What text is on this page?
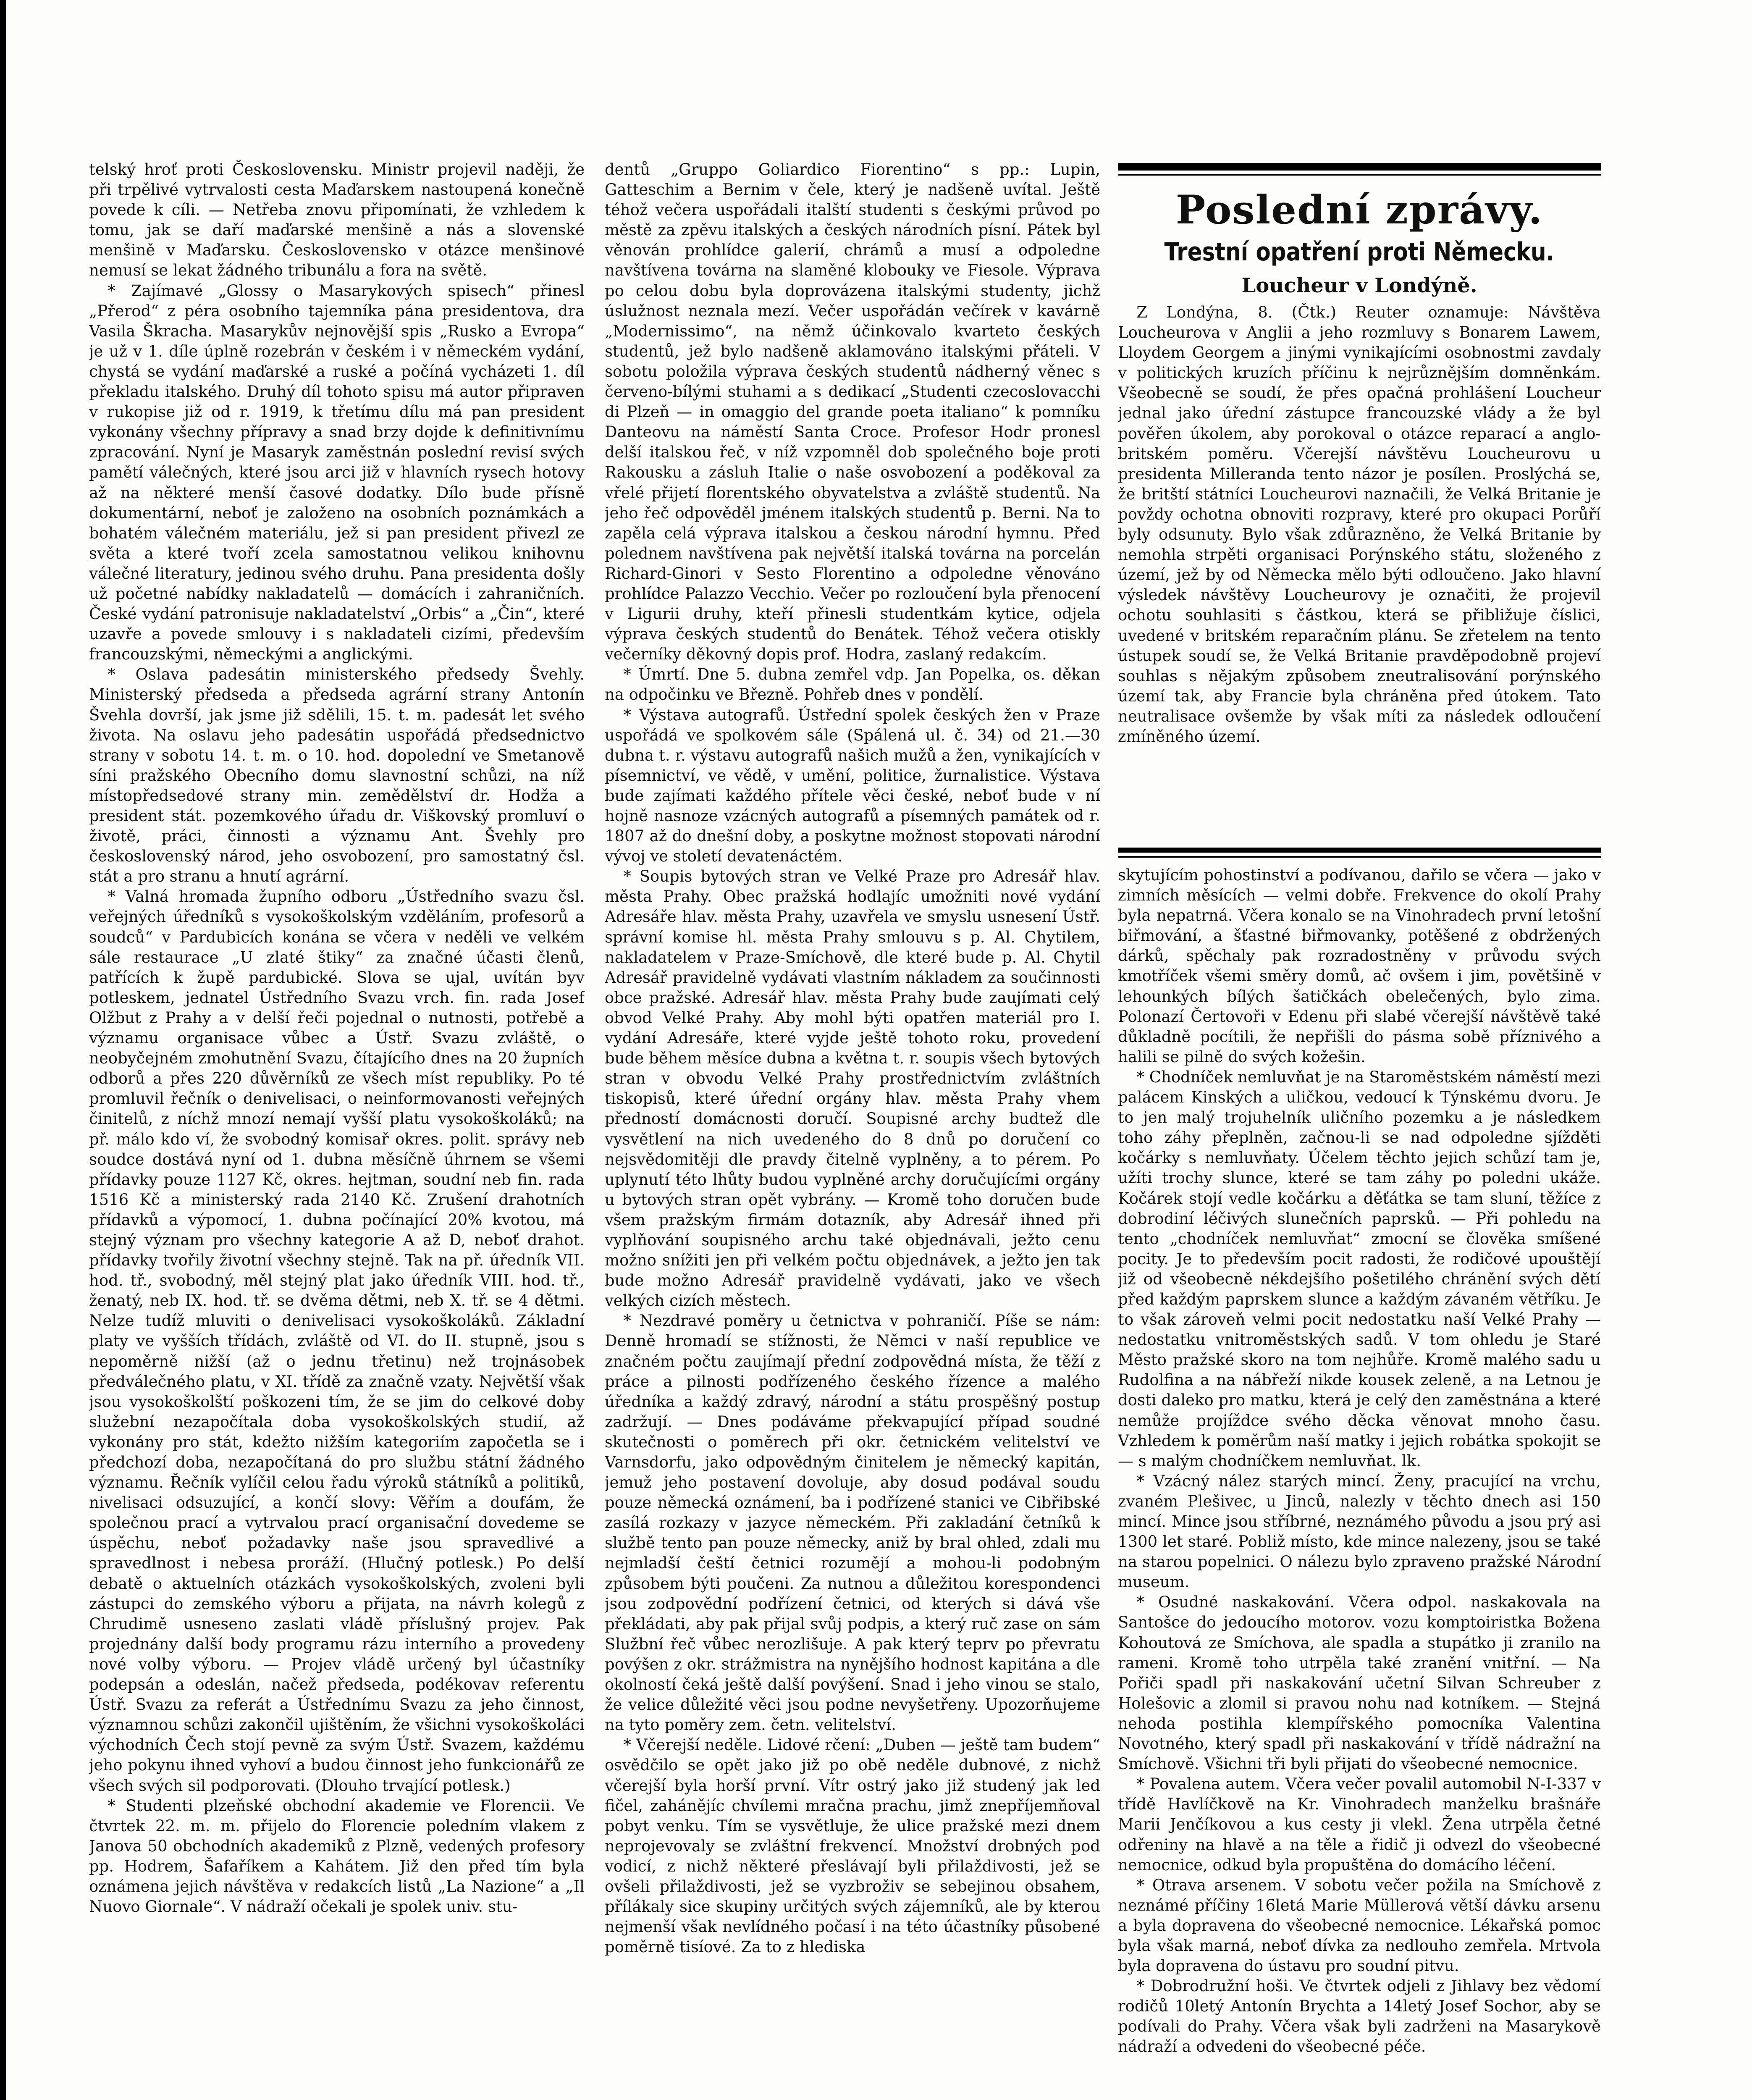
telský hroť proti Československu. Ministr projevil naději, že při trpělivé vytrvalosti cesta Maďarskem nastoupená konečně povede k cíli. — Netřeba znovu připomínati, že vzhledem k tomu, jak se daří maďarské menšině a nás a slovenské menšině v Maďarsku. Československo v otázce menšinové nemusí se lekat žádného tribunálu a fora na světě.

* Zajímavé „Glossy o Masarykových spisech“ přinesl „Přerod“ z péra osobního tajemníka pána presidentova, dra Vasila Škracha. Masarykův nejnovější spis „Rusko a Evropa“ je už v 1. díle úplně rozebrán v českém i v německém vydání, chystá se vydání maďarské a ruské a počíná vycházeti 1. díl překladu italského. Druhý díl tohoto spisu má autor připraven v rukopise již od r. 1919, k třetímu dílu má pan president vykonány všechny přípravy a snad brzy dojde k definitivnímu zpracování. Nyní je Masaryk zaměstnán poslední revisí svých pamětí válečných, které jsou arci již v hlavních rysech hotovy až na některé menší časové dodatky. Dílo bude přísně dokumentární, neboť je založeno na osobních poznámkách a bohatém válečném materiálu, jež si pan president přivezl ze světa a které tvoří zcela samostatnou velikou knihovnu válečné literatury, jedinou svého druhu. Pana presidenta došly už početné nabídky nakladatelů — domácích i zahraničních. České vydání patronisuje nakladatelství „Orbis“ a „Čin“, které uzavře a povede smlouvy i s nakladateli cizími, především francouzskými, německými a anglickými.

* Oslava padesátin ministerského předsedy Švehly. Ministerský předseda a předseda agrární strany Antonín Švehla dovrší, jak jsme již sdělili, 15. t. m. padesát let svého života. Na oslavu jeho padesátin uspořádá předsednictvo strany v sobotu 14. t. m. o 10. hod. dopolední ve Smetanově síni pražského Obecního domu slavnostní schůzi, na níž místopředsedové strany min. zemědělství dr. Hodža a president stát. pozemkového úřadu dr. Viškovský promluví o životě, práci, činnosti a významu Ant. Švehly pro československý národ, jeho osvobození, pro samostatný čsl. stát a pro stranu a hnutí agrární.

* Valná hromada župního odboru „Ústředního svazu čsl. veřejných úředníků s vysokoškolským vzděláním, profesorů a soudců“ v Pardubicích konána se včera v neděli ve velkém sále restaurace „U zlaté štiky“ za značné účasti členů, patřících k župě pardubické. Slova se ujal, uvítán byv potleskem, jednatel Ústředního Svazu vrch. fin. rada Josef Olžbut z Prahy a v delší řeči pojednal o nutnosti, potřebě a významu organisace vůbec a Ústř. Svazu zvláště, o neobyčejném zmohutnění Svazu, čítajícího dnes na 20 župních odborů a přes 220 důvěrníků ze všech míst republiky. Po té promluvil řečník o denivelisaci, o neinformovanosti veřejných činitelů, z níchž mnozí nemají vyšší platu vysokoškoláků; na př. málo kdo ví, že svobodný komisař okres. polit. správy neb soudce dostává nyní od 1. dubna měsíčně úhrnem se všemi přídavky pouze 1127 Kč, okres. hejtman, soudní neb fin. rada 1516 Kč a ministerský rada 2140 Kč. Zrušení drahotních přídavků a výpomocí, 1. dubna počínající 20% kvotou, má stejný význam pro všechny kategorie A až D, neboť drahot. přídavky tvořily životní všechny stejně. Tak na př. úředník VII. hod. tř., svobodný, měl stejný plat jako úředník VIII. hod. tř., ženatý, neb IX. hod. tř. se dvěma dětmi, neb X. tř. se 4 dětmi. Nelze tudíž mluviti o denivelisaci vysokoškoláků. Základní platy ve vyšších třídách, zvláště od VI. do II. stupně, jsou s nepoměrně nižší (až o jednu třetinu) než trojnásobek předválečného platu, v XI. třídě za značně vzaty. Největší však jsou vysokoškolští poškozeni tím, že se jim do celkové doby služební nezapočítala doba vysokoškolských studií, až vykonány pro stát, kdežto nižším kategoriím započetla se i předchozí doba, nezapočítaná do pro službu státní žádného významu. Řečník vylíčil celou řadu výroků státníků a politiků, nivelisaci odsuzující, a končí slovy: Věřím a doufám, že společnou prací a vytrvalou prací organisační dovedeme se úspěchu, neboť požadavky naše jsou spravedlivé a spravedlnost i nebesa proráží. (Hlučný potlesk.) Po delší debatě o aktuelních otázkách vysokoškolských, zvoleni byli zástupci do zemského výboru a přijata, na návrh kolegů z Chrudimě usneseno zaslati vládě příslušný projev. Pak projednány další body programu rázu interního a provedeny nové volby výboru. — Projev vládě určený byl účastníky podepsán a odeslán, načež předseda, podékovav referentu Ústř. Svazu za referát a Ústřednímu Svazu za jeho činnost, významnou schůzi zakončil ujištěním, že všichni vysokoškoláci východních Čech stojí pevně za svým Ústř. Svazem, každému jeho pokynu ihned vyhoví a budou činnost jeho funkcionářů ze všech svých sil podporovati. (Dlouho trvající potlesk.)

* Studenti plzeňské obchodní akademie ve Florencii. Ve čtvrtek 22. m. m. přijelo do Florencie poledním vlakem z Janova 50 obchodních akademiků z Plzně, vedených profesory pp. Hodrem, Šafaříkem a Kahátem. Již den před tím byla oznámena jejich návštěva v redakcích listů „La Nazione“ a „Il Nuovo Giornale“. V nádraží očekali je spolek univ. stu-

dentů „Gruppo Goliardico Fiorentino“ s pp.: Lupin, Gatteschim a Bernim v čele, který je nadšeně uvítal. Ještě téhož večera uspořádali italští studenti s českými průvod po městě za zpěvu italských a českých národních písní. Pátek byl věnován prohlídce galerií, chrámů a musí a odpoledne navštívena továrna na slaměné klobouky ve Fiesole. Výprava po celou dobu byla doprovázena italskými studenty, jichž úslužnost neznala mezí. Večer uspořádán večírek v kavárně „Modernissimo“, na němž účinkovalo kvarteto českých studentů, jež bylo nadšeně aklamováno italskými přáteli. V sobotu položila výprava českých studentů nádherný věnec s červeno-bílými stuhami a s dedikací „Studenti czecoslovacchi di Plzeň — in omaggio del grande poeta italiano“ k pomníku Danteovu na náměstí Santa Croce. Profesor Hodr pronesl delší italskou řeč, v níž vzpomněl dob společného boje proti Rakousku a zásluh Italie o naše osvobození a poděkoval za vřelé přijetí florentského obyvatelstva a zvláště studentů. Na jeho řeč odpověděl jménem italských studentů p. Berni. Na to zapěla celá výprava italskou a českou národní hymnu. Před polednem navštívena pak největší italská továrna na porcelán Richard-Ginori v Sesto Florentino a odpoledne věnováno prohlídce Palazzo Vecchio. Večer po rozloučení byla přenocení v Ligurii druhy, kteří přinesli studentkám kytice, odjela výprava českých studentů do Benátek. Téhož večera otiskly večerníky děkovný dopis prof. Hodra, zaslaný redakcím.

* Úmrtí. Dne 5. dubna zemřel vdp. Jan Popelka, os. děkan na odpočinku ve Březně. Pohřeb dnes v pondělí.

* Výstava autografů. Ústřední spolek českých žen v Praze uspořádá ve spolkovém sále (Spálená ul. č. 34) od 21.—30 dubna t. r. výstavu autografů našich mužů a žen, vynikajících v písemnictví, ve vědě, v umění, politice, žurnalistice. Výstava bude zajímati každého přítele věci české, neboť bude v ní hojně nasnoze vzácných autografů a písemných památek od r. 1807 až do dnešní doby, a poskytne možnost stopovati národní vývoj ve století devatenáctém.

* Soupis bytových stran ve Velké Praze pro Adresář hlav. města Prahy. Obec pražská hodlajíc umožniti nové vydání Adresáře hlav. města Prahy, uzavřela ve smyslu usnesení Ústř. správní komise hl. města Prahy smlouvu s p. Al. Chytilem, nakladatelem v Praze-Smíchově, dle které bude p. Al. Chytil Adresář pravidelně vydávati vlastním nákladem za součinnosti obce pražské. Adresář hlav. města Prahy bude zaujímati celý obvod Velké Prahy. Aby mohl býti opatřen materiál pro I. vydání Adresáře, které vyjde ještě tohoto roku, provedení bude během měsíce dubna a května t. r. soupis všech bytových stran v obvodu Velké Prahy prostřednictvím zvláštních tiskopisů, které úřední orgány hlav. města Prahy vhem předností domácnosti doručí. Soupisné archy budtež dle vysvětlení na nich uvedeného do 8 dnů po doručení co nejsvědomitěji dle pravdy čitelně vyplněny, a to pérem. Po uplynutí této lhůty budou vyplněné archy doručujícími orgány u bytových stran opět vybrány. — Kromě toho doručen bude všem pražským firmám dotazník, aby Adresář ihned při vyplňování soupisného archu také objednávali, ježto cenu možno snížiti jen při velkém počtu objednávek, a ježto jen tak bude možno Adresář pravidelně vydávati, jako ve všech velkých cizích městech.

* Nezdravé poměry u četnictva v pohraničí. Píše se nám: Denně hromadí se stížnosti, že Němci v naší republice ve značném počtu zaujímají přední zodpovědná místa, že těží z práce a pilnosti podřízeného českého řízence a malého úředníka a každý zdravý, národní a státu prospěšný postup zadržují. — Dnes podáváme překvapující případ soudné skutečnosti o poměrech při okr. četnickém velitelství ve Varnsdorfu, jako odpovědným činitelem je německý kapitán, jemuž jeho postavení dovoluje, aby dosud podával soudu pouze německá oznámení, ba i podřízené stanici ve Cibřibské zasílá rozkazy v jazyce německém. Při zakladání četníků k službě tento pan pouze německy, aniž by bral ohled, zdali mu nejmladší čeští četnici rozumějí a mohou-li podobným způsobem býti poučeni. Za nutnou a důležitou korespondenci jsou zodpovědní podřízení četnici, od kterých si dává vše překládati, aby pak přijal svůj podpis, a který ruč zase on sám Službní řeč vůbec nerozlišuje. A pak který teprv po převratu povýšen z okr. strážmistra na nynějšího hodnost kapitána a dle okolností čeká ještě další povýšení. Snad i jeho vinou se stalo, že velice důležité věci jsou podne nevyšetřeny. Upozorňujeme na tyto poměry zem. četn. velitelství.

* Včerejší neděle. Lidové rčení: „Duben — ještě tam budem“ osvědčilo se opět jako již po obě neděle dubnové, z nichž včerejší byla horší první. Vítr ostrý jako již studený jak led fičel, zahánějíc chvílemi mračna prachu, jimž znepříjemňoval pobyt venku. Tím se vysvětluje, že ulice pražské mezi dnem neprojevovaly se zvláštní frekvencí. Množství drobných pod vodicí, z nichž některé přeslávají byli přilaždivosti, jež se ovšeli přilaždivosti, jež se vyzbroživ se sebejinou obsahem, přílákaly sice skupiny určitých svých zájemníků, ale by kterou nejmenší však nevlídného počasí i na této účastníky působené poměrně tisíové. Za to z hlediska

Poslední zprávy.
Trestní opatření proti Německu.
Loucheur v Londýně.

Z Londýna, 8. (Čtk.) Reuter oznamuje: Návštěva Loucheurova v Anglii a jeho rozmluvy s Bonarem Lawem, Lloydem Georgem a jinými vynikajícími osobnostmi zavdaly v politických kruzích příčinu k nejrůznějším domněnkám. Všeobecně se soudí, že přes opačná prohlášení Loucheur jednal jako úřední zástupce francouzské vlády a že byl pověřen úkolem, aby porokoval o otázce reparací a anglo-britském poměru. Včerejší návštěvu Loucheurovu u presidenta Millerandа tento názor je posílen. Proslýchá se, že britští státníci Loucheurovi naznačili, že Velká Britanie je povždy ochotna obnoviti rozpravy, které pro okupaci Porůří byly odsunuty. Bylo však zdůrazněno, že Velká Britanie by nemohla strpěti organisaci Porýnského státu, složeného z území, jež by od Německa mělo býti odloučeno. Jako hlavní výsledek návštěvy Loucheurovy je označiti, že projevil ochotu souhlasiti s částkou, která se přibližuje číslici, uvedené v britském reparačním plánu. Se zřetelem na tento ústupek soudí se, že Velká Britanie pravděpodobně projeví souhlas s nějakým způsobem zneutralisování porýnského území tak, aby Francie byla chráněna před útokem. Tato neutralisace ovšemže by však míti za následek odloučení zmíněného území.

skytujícím pohostinství a podívanou, dařilo se včera — jako v zimních měsících — velmi dobře. Frekvence do okolí Prahy byla nepatrná. Včera konalo se na Vinohradech první letošní biřmování, a šťastné biřmovanky, potěšené z obdržených dárků, spěchaly pak rozradostněny v průvodu svých kmotříček všemi směry domů, ač ovšem i jim, povětšině v lehounkých bílých šatičkách obelečených, bylo zima. Polonazí Čertovoři v Edenu při slabé včerejší návštěvě také důkladně pocítili, že nepřišli do pásma sobě příznivého a halili se pilně do svých kožešin.

* Chodníček nemluvňat je na Staroměstském náměstí mezi palácem Kinských a uličkou, vedoucí k Týnskému dvoru. Je to jen malý trojuhelník uličního pozemku a je následkem toho záhy přeplněn, začnou-li se nad odpoledne sjížděti kočárky s nemluvňaty. Účelem těchto jejich schůzí tam je, užíti trochy slunce, které se tam záhy po poledni ukáže. Kočárek stojí vedle kočárku a děťátka se tam sluní, těžíce z dobrodiní léčivých slunečních paprsků. — Při pohledu na tento „chodníček nemluvňat“ zmocní se člověka smíšené pocity. Je to především pocit radosti, že rodičové upouštějí již od všeobecně nékdejšího pošetilého chránění svých dětí před každým paprskem slunce a každým závaném větříku. Je to však zároveň velmi pocit nedostatku naší Velké Prahy — nedostatku vnitroměstských sadů. V tom ohledu je Staré Město pražské skoro na tom nejhůře. Kromě malého sadu u Rudolfina a na nábřeží nikde kousek zeleně, a na Letnou je dosti daleko pro matku, která je celý den zaměstnána a které nemůže projíždce svého děcka věnovat mnoho času. Vzhledem k poměrům naší matky i jejich robátka spokojit se — s malým chodníčkem nemluvňat. lk.

* Vzácný nález starých mincí. Ženy, pracující na vrchu, zvaném Plešivec, u Jinců, nalezly v těchto dnech asi 150 mincí. Mince jsou stříbrné, neznámého původu a jsou prý asi 1300 let staré. Pobliž místo, kde mince nalezeny, jsou se také na starou popelnici. O nálezu bylo zpraveno pražské Národní museum.

* Osudné naskakování. Včera odpol. naskakovala na Santošce do jedoucího motorov. vozu komptoiristka Božena Kohoutová ze Smíchova, ale spadla a stupátko ji zranilo na rameni. Kromě toho utrpěla také zranění vnitřní. — Na Pořiči spadl při naskakování učetní Silvan Schreuber z Holešovic a zlomil si pravou nohu nad kotníkem. — Stejná nehoda postihla klempířského pomocníka Valentina Novotného, který spadl při naskakování v třídě nádražní na Smíchově. Všichni tři byli přijati do všeobecné nemocnice.

* Povalena autem. Včera večer povalil automobil N-I-337 v třídě Havlíčkově na Kr. Vinohradech manželku brašnáře Marii Jenčíkovou a kus cesty ji vlekl. Žena utrpěla četné odřeniny na hlavě a na těle a řidič ji odvezl do všeobecné nemocnice, odkud byla propuštěna do domácího léčení.

* Otrava arsenem. V sobotu večer požila na Smíchově z neznámé příčiny 16letá Marie Müllerová větší dávku arsenu a byla dopravena do všeobecné nemocnice. Lékařská pomoc byla však marná, neboť dívka za nedlouho zemřela. Mrtvola byla dopravena do ústavu pro soudní pitvu.

* Dobrodružní hoši. Ve čtvrtek odjeli z Jihlavy bez vědomí rodičů 10letý Antonín Brychta a 14letý Josef Sochor, aby se podívali do Prahy. Včera však byli zadrženi na Masarykově nádraží a odvedeni do všeobecné péče.
